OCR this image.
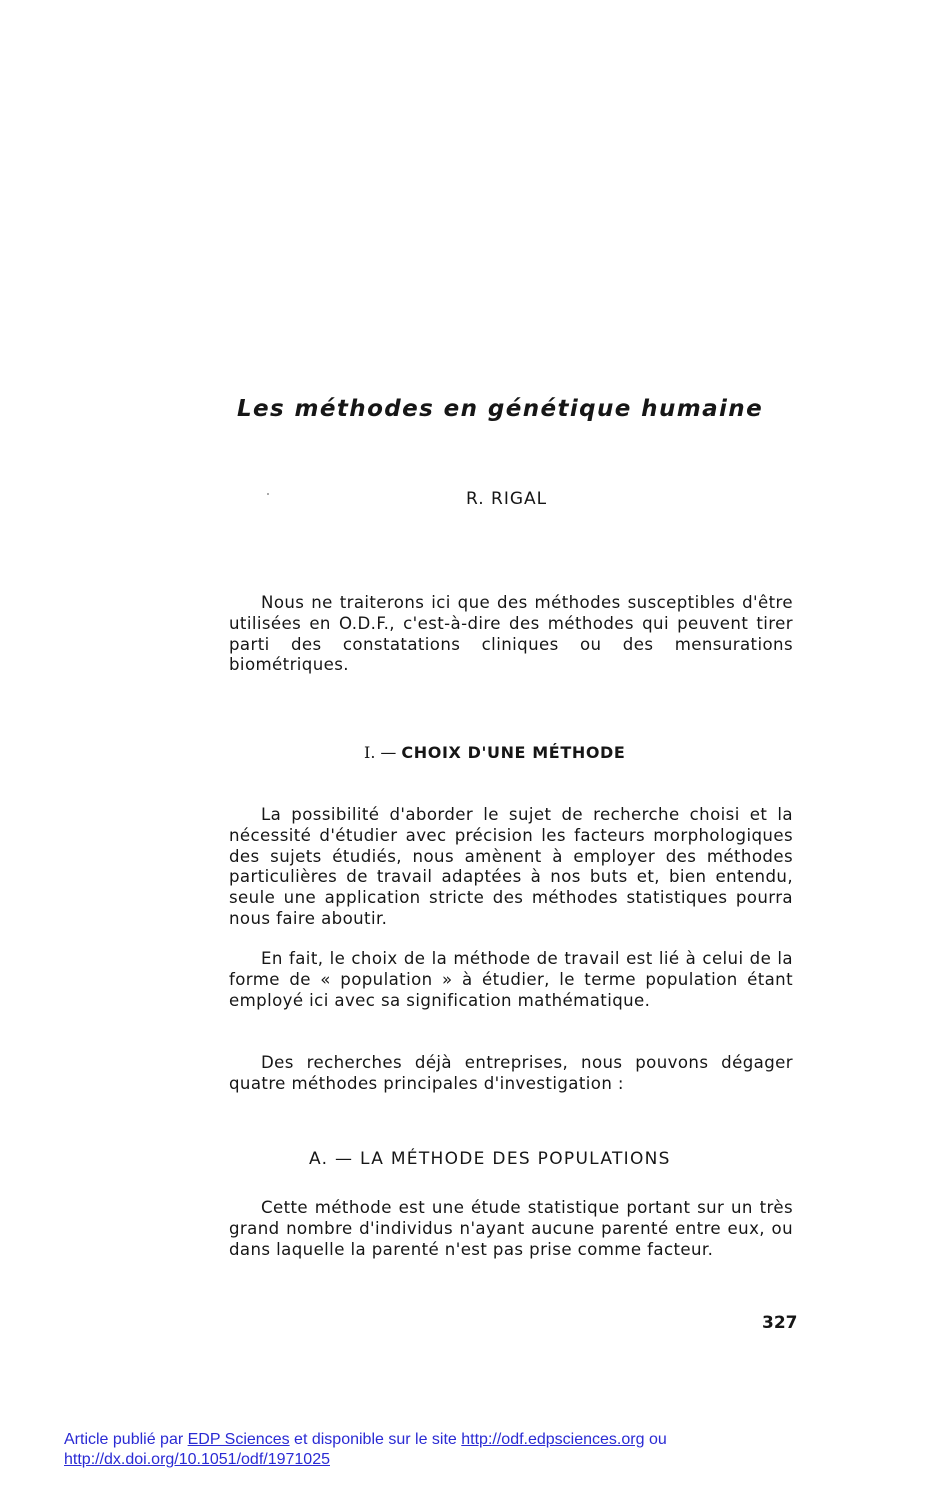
Les méthodes en génétique humaine
R. RIGAL

Nous ne traiterons ici que des méthodes susceptibles d'être utilisées en O.D.F., c'est-à-dire des méthodes qui peuvent tirer parti des constatations cliniques ou des mensurations biométriques.

I. — CHOIX D'UNE MÉTHODE

La possibilité d'aborder le sujet de recherche choisi et la nécessité d'étudier avec précision les facteurs morphologiques des sujets étudiés, nous amènent à employer des méthodes particulières de travail adaptées à nos buts et, bien entendu, seule une application stricte des méthodes statistiques pourra nous faire aboutir.

En fait, le choix de la méthode de travail est lié à celui de la forme de « population » à étudier, le terme population étant employé ici avec sa signification mathématique.

Des recherches déjà entreprises, nous pouvons dégager quatre méthodes principales d'investigation :

A. — LA MÉTHODE DES POPULATIONS

Cette méthode est une étude statistique portant sur un très grand nombre d'individus n'ayant aucune parenté entre eux, ou dans laquelle la parenté n'est pas prise comme facteur.

327
Article publié par EDP Sciences et disponible sur le site http://odf.edpsciences.org ou
http://dx.doi.org/10.1051/odf/1971025
